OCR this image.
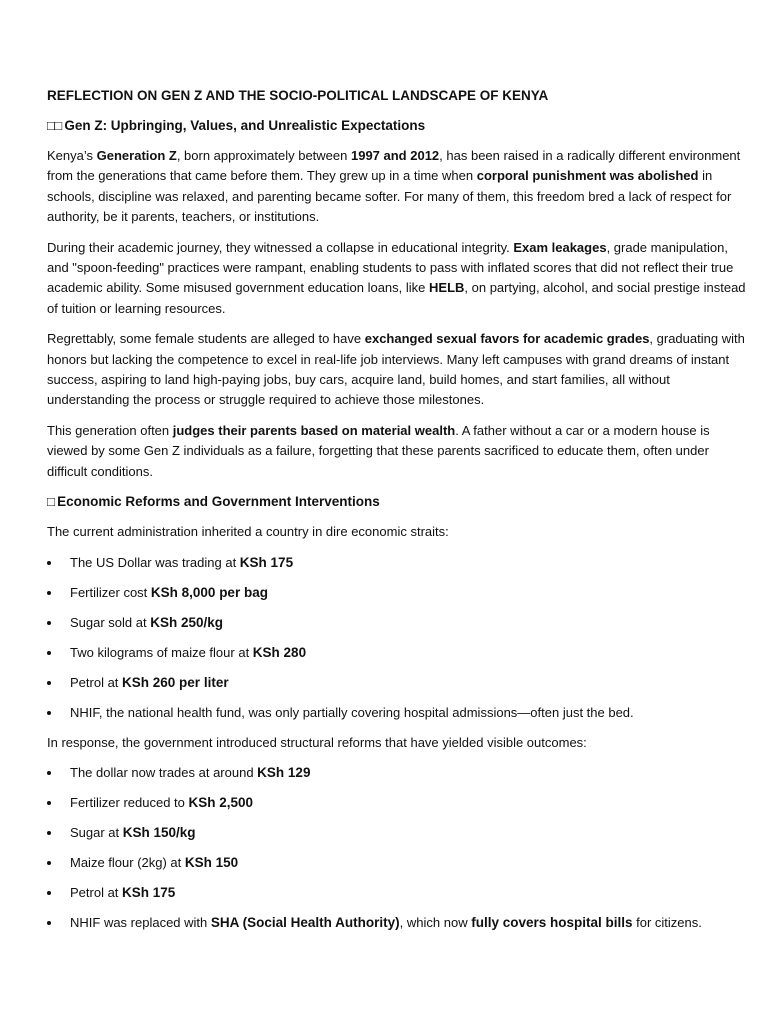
REFLECTION ON GEN Z AND THE SOCIO-POLITICAL LANDSCAPE OF KENYA
□□ Gen Z: Upbringing, Values, and Unrealistic Expectations

Kenya’s Generation Z, born approximately between 1997 and 2012, has been raised in a radically different environment from the generations that came before them. They grew up in a time when corporal punishment was abolished in schools, discipline was relaxed, and parenting became softer. For many of them, this freedom bred a lack of respect for authority, be it parents, teachers, or institutions.

During their academic journey, they witnessed a collapse in educational integrity. Exam leakages, grade manipulation, and "spoon-feeding" practices were rampant, enabling students to pass with inflated scores that did not reflect their true academic ability. Some misused government education loans, like HELB, on partying, alcohol, and social prestige instead of tuition or learning resources.

Regrettably, some female students are alleged to have exchanged sexual favors for academic grades, graduating with honors but lacking the competence to excel in real-life job interviews. Many left campuses with grand dreams of instant success, aspiring to land high-paying jobs, buy cars, acquire land, build homes, and start families, all without understanding the process or struggle required to achieve those milestones.

This generation often judges their parents based on material wealth. A father without a car or a modern house is viewed by some Gen Z individuals as a failure, forgetting that these parents sacrificed to educate them, often under difficult conditions.

□ Economic Reforms and Government Interventions

The current administration inherited a country in dire economic straits:

The US Dollar was trading at KSh 175
Fertilizer cost KSh 8,000 per bag
Sugar sold at KSh 250/kg
Two kilograms of maize flour at KSh 280
Petrol at KSh 260 per liter
NHIF, the national health fund, was only partially covering hospital admissions—often just the bed.

In response, the government introduced structural reforms that have yielded visible outcomes:

The dollar now trades at around KSh 129
Fertilizer reduced to KSh 2,500
Sugar at KSh 150/kg
Maize flour (2kg) at KSh 150
Petrol at KSh 175
NHIF was replaced with SHA (Social Health Authority), which now fully covers hospital bills for citizens.
